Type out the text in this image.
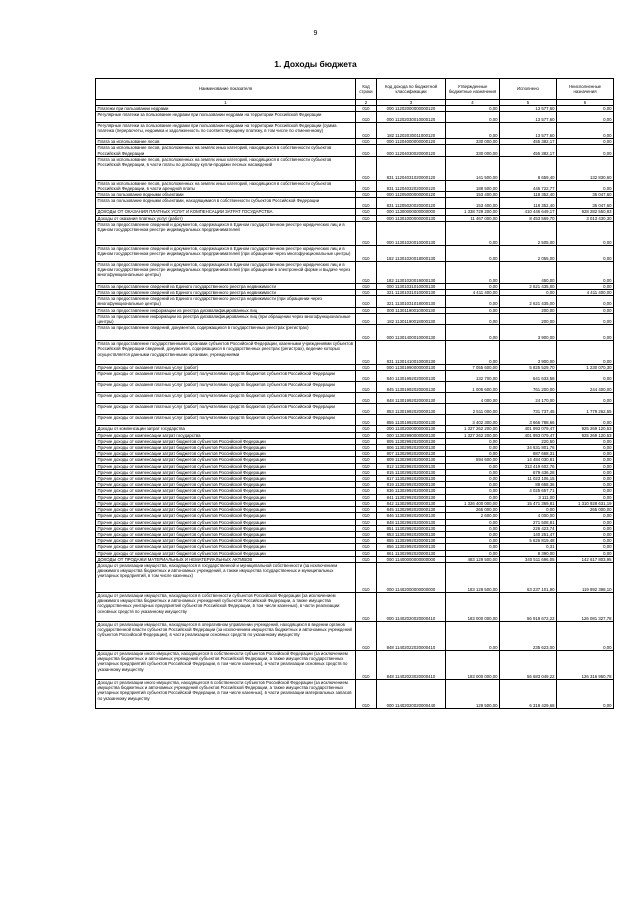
9
1. Доходы бюджета
Наименование показателя	Код строки	Код дохода по бюджетной классификации	Утвержденные бюджетные назначения	Исполнено	Неисполненные назначения
1	2	3	4	5	6
Платежи при пользовании недрами	010	000 11202000000000120	0,00	13 577,60	0,00
Регулярные платежи за пользование недрами при пользовании недрами на территории Российской Федерации	010	000 11202030010000120	0,00	13 577,60	0,00
Регулярные платежи за пользование недрами при пользовании недрами на территории Российской Федерации (сумма платежа (перерасчеты, недоимка и задолженность по соответствующему платежу, в том числе по отмененному)	010	182 11202030011000120	0,00	13 577,60	0,00
Плата за использование лесов	010	000 11204000000000120	330 000,00	455 382,17	0,00
Плата за использование лесов, расположенных на землях иных категорий, находящихся в собственности субъектов Российской Федерации	010	000 11204030020000120	330 000,00	455 382,17	0,00
Плата за использование лесов, расположенных на землях иных категорий, находящихся в собственности субъектов Российской Федерации, в части платы по договору купли-продажи лесных насаждений	010	831 11204031020000120	141 500,00	8 659,40	132 830,60
Плата за использование лесов, расположенных на землях иных категорий, находящихся в собственности субъектов Российской Федерации, в части арендной платы	010	831 11204032020000120	188 500,00	446 722,77	0,00
Плата за пользование водными объектами	010	000 11205000000000120	153 400,00	118 352,40	35 047,60
Плата за пользование водными объектами, находящимися в собственности субъектов Российской Федерации	010	831 11205020020000120	153 400,00	118 352,40	35 047,60
ДОХОДЫ ОТ ОКАЗАНИЯ ПЛАТНЫХ УСЛУГ И КОМПЕНСАЦИИ ЗАТРАТ ГОСУДАРСТВА	010	000 11300000000000000	1 338 729 200,00	410 446 649,17	928 282 550,83
Доходы от оказания платных услуг (работ)	010	000 11301000000000130	11 467 000,00	8 453 569,70	3 013 430,30
Плата за предоставление сведений и документов, содержащихся в Едином государственном реестре юридических лиц и в Едином государственном реестре индивидуальных предпринимателей	010	000 11301020010000130	0,00	2 505,00	0,00
Плата за предоставление сведений и документов, содержащихся в Едином государственном реестре юридических лиц и в Едином государственном реестре индивидуальных предпринимателей (при обращении через многофункциональные центры)	010	182 11301020018000130	0,00	2 055,00	0,00
Плата за предоставление сведений и документов, содержащихся в Едином государственном реестре юридических лиц и в Едином государственном реестре индивидуальных предпринимателей (при обращении в электронной форме и выдаче через многофункциональные центры)	010	182 11301020019000130	0,00	450,00	0,00
Плата за предоставление сведений из Единого государственного реестра недвижимости	010	000 11301031010000130	0,00	2 621 435,00	0,00
Плата за предоставление сведений из Единого государственного реестра недвижимости	010	321 11301031010000130	4 411 400,00	0,00	4 411 400,00
Плата за предоставление сведений из Единого государственного реестра недвижимости (при обращении через многофункциональные центры)	010	321 11301031018000130	0,00	2 621 435,00	0,00
Плата за предоставление информации из реестра дисквалифицированных лиц	010	000 11301190010000130	0,00	200,00	0,00
Плата за предоставление информации из реестра дисквалифицированных лиц (при обращении через многофункциональные центры)	010	182 11301190018000130	0,00	200,00	0,00
Плата за предоставление сведений, документов, содержащихся в государственных реестрах (регистрах)	010	000 11301400010000130	0,00	3 900,00	0,00
Плата за предоставление государственными органами субъектов Российской Федерации, казенными учреждениями субъектов Российской Федерации сведений, документов, содержащихся в государственных реестрах (регистрах), ведение которых осуществляется данными государственными органами, учреждениями	010	831 11301410010000130	0,00	3 900,00	0,00
Прочие доходы от оказания платных услуг (работ)	010	000 11301990000000130	7 055 600,00	5 825 529,70	1 230 070,30
Прочие доходы от оказания платных услуг (работ) получателями средств бюджетов субъектов Российской Федерации	010	840 11301992020000130	132 700,00	641 633,58	0,00
Прочие доходы от оказания платных услуг (работ) получателями средств бюджетов субъектов Российской Федерации	010	845 11301992020000130	1 005 600,00	761 200,00	244 400,00
Прочие доходы от оказания платных услуг (работ) получателями средств бюджетов субъектов Российской Федерации	010	848 11301992020000130	4 000,00	24 170,00	0,00
Прочие доходы от оказания платных услуг (работ) получателями средств бюджетов субъектов Российской Федерации	010	853 11301992020000130	2 511 000,00	731 737,45	1 779 262,55
Прочие доходы от оказания платных услуг (работ) получателями средств бюджетов субъектов Российской Федерации	010	855 11301992020000130	3 402 300,00	3 666 788,66	0,00
Доходы от компенсации затрат государства	010	000 11302000000000130	1 327 262 200,00	401 993 079,47	925 269 120,53
Прочие доходы от компенсации затрат государства	010	000 11302990000000130	1 327 262 200,00	401 993 079,47	925 269 120,53
Прочие доходы от компенсации затрат бюджетов субъектов Российской Федерации	010	805 11302992020000130	0,00	220,50	0,00
Прочие доходы от компенсации затрат бюджетов субъектов Российской Федерации	010	806 11302992020000130	0,00	34 631 801,76	0,00
Прочие доходы от компенсации затрат бюджетов субъектов Российской Федерации	010	807 11302992020000130	0,00	887 668,31	0,00
Прочие доходы от компенсации затрат бюджетов субъектов Российской Федерации	010	809 11302992020000130	594 600,00	14 484 030,81	0,00
Прочие доходы от компенсации затрат бюджетов субъектов Российской Федерации	010	812 11302992020000130	0,00	313 419 602,76	0,00
Прочие доходы от компенсации затрат бюджетов субъектов Российской Федерации	010	815 11302992020000130	0,00	679 436,28	0,00
Прочие доходы от компенсации затрат бюджетов субъектов Российской Федерации	010	817 11302992020000130	0,00	11 023 106,15	0,00
Прочие доходы от компенсации затрат бюджетов субъектов Российской Федерации	010	819 11302992020000130	0,00	88 658,36	0,00
Прочие доходы от компенсации затрат бюджетов субъектов Российской Федерации	010	836 11302992020000130	0,00	4 025 657,71	0,00
Прочие доходы от компенсации затрат бюджетов субъектов Российской Федерации	010	841 11302992020000130	0,00	3 111,00	0,00
Прочие доходы от компенсации затрат бюджетов субъектов Российской Федерации	010	842 11302992020000130	1 326 400 000,00	15 471 369,81	1 310 928 631,19
Прочие доходы от компенсации затрат бюджетов субъектов Российской Федерации	010	845 11302992020000130	265 000,00	0,00	265 000,00
Прочие доходы от компенсации затрат бюджетов субъектов Российской Федерации	010	846 11302992020000130	2 600,00	4 000,00	0,00
Прочие доходы от компенсации затрат бюджетов субъектов Российской Федерации	010	848 11302992020000130	0,00	271 508,81	0,00
Прочие доходы от компенсации затрат бюджетов субъектов Российской Федерации	010	851 11302992020000130	0,00	226 423,74	0,00
Прочие доходы от компенсации затрат бюджетов субъектов Российской Федерации	010	853 11302992020000130	0,00	140 251,47	0,00
Прочие доходы от компенсации затрат бюджетов субъектов Российской Федерации	010	855 11302992020000130	0,00	5 626 819,48	0,00
Прочие доходы от компенсации затрат бюджетов субъектов Российской Федерации	010	856 11302992020000130	0,00	0,31	0,00
Прочие доходы от компенсации затрат бюджетов субъектов Российской Федерации	010	861 11302992020000130	0,00	9 390,00	0,00
ДОХОДЫ ОТ ПРОДАЖИ МАТЕРИАЛЬНЫХ И НЕМАТЕРИАЛЬНЫХ АКТИВОВ	010	000 11400000000000000	483 129 500,00	340 511 696,05	142 617 803,95
Доходы от реализации имущества, находящегося в государственной и муниципальной собственности (за исключением движимого имущества бюджетных и автономных учреждений, а также имущества государственных и муниципальных унитарных предприятий, в том числе казенных)	010	000 11402000000000000	183 129 500,00	63 237 101,90	119 892 398,10
Доходы от реализации имущества, находящегося в собственности субъектов Российской Федерации (за исключением движимого имущества бюджетных и автономных учреждений субъектов Российской Федерации, а также имущества государственных унитарных предприятий субъектов Российской Федерации, в том числе казенных), в части реализации основных средств по указанному имуществу	010	000 11402020020000410	183 000 000,00	56 918 672,22	126 081 327,78
Доходы от реализации имущества, находящегося в оперативном управлении учреждений, находящихся в ведении органов государственной власти субъектов Российской Федерации (за исключением имущества бюджетных и автономных учреждений субъектов Российской Федерации), в части реализации основных средств по указанному имуществу	010	848 11402022020000410	0,00	235 623,00	0,00
Доходы от реализации иного имущества, находящегося в собственности субъектов Российской Федерации (за исключением имущества бюджетных и автономных учреждений субъектов Российской Федерации, а также имущества государственных унитарных предприятий субъектов Российской Федерации, в том числе казенных), в части реализации основных средств по указанному имуществу	010	848 11402023020000410	183 000 000,00	56 683 049,22	126 316 950,78
Доходы от реализации иного имущества, находящегося в собственности субъектов Российской Федерации (за исключением имущества бюджетных и автономных учреждений субъектов Российской Федерации, а также имущества государственных унитарных предприятий субъектов Российской Федерации, в том числе казенных), в части реализации материальных запасов по указанному имуществу	010	000 11402020020000440	129 500,00	6 318 429,68	0,00
